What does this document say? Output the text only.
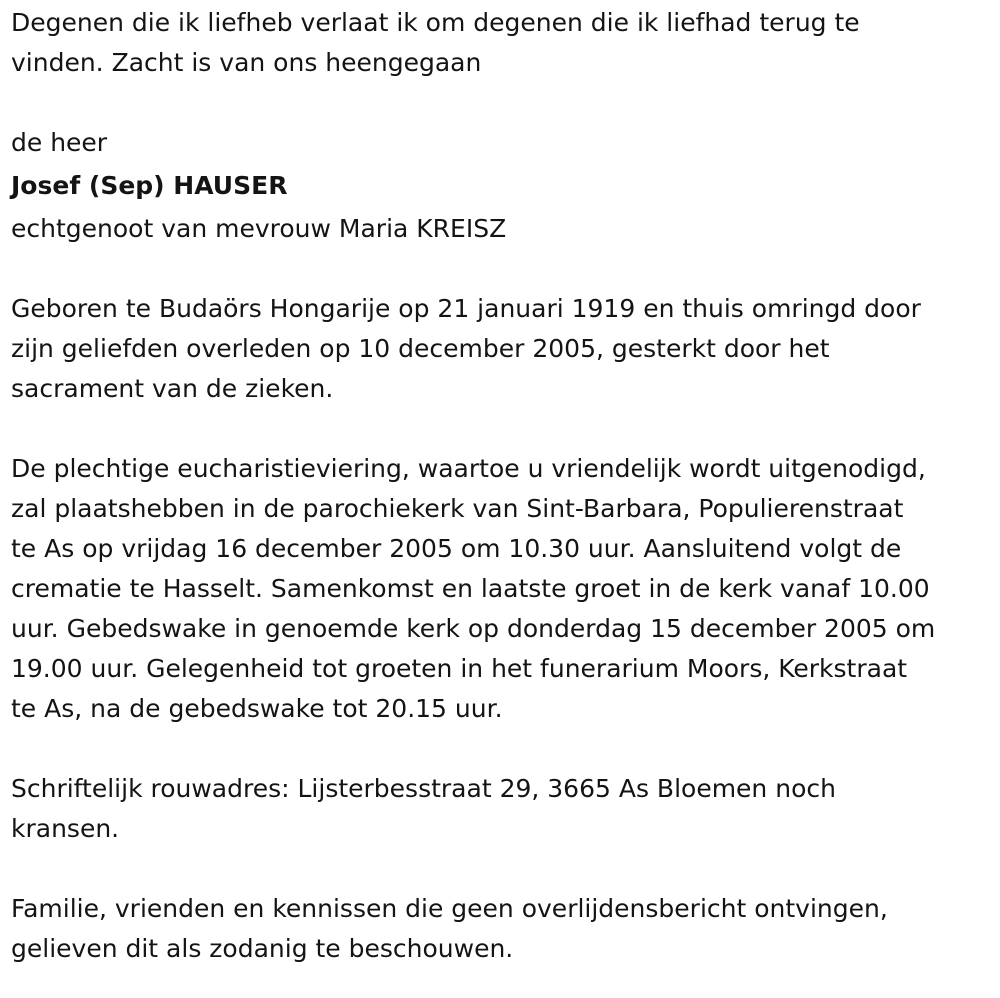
Degenen die ik liefheb verlaat ik om degenen die ik liefhad terug te
vinden. Zacht is van ons heengegaan

de heer
Josef (Sep) HAUSER
echtgenoot van mevrouw Maria KREISZ

Geboren te Budaörs Hongarije op 21 januari 1919 en thuis omringd door
zijn geliefden overleden op 10 december 2005, gesterkt door het
sacrament van de zieken.

De plechtige eucharistieviering, waartoe u vriendelijk wordt uitgenodigd,
zal plaatshebben in de parochiekerk van Sint-Barbara, Populierenstraat
te As op vrijdag 16 december 2005 om 10.30 uur. Aansluitend volgt de
crematie te Hasselt. Samenkomst en laatste groet in de kerk vanaf 10.00
uur. Gebedswake in genoemde kerk op donderdag 15 december 2005 om
19.00 uur. Gelegenheid tot groeten in het funerarium Moors, Kerkstraat
te As, na de gebedswake tot 20.15 uur.

Schriftelijk rouwadres: Lijsterbesstraat 29, 3665 As Bloemen noch
kransen.

Familie, vrienden en kennissen die geen overlijdensbericht ontvingen,
gelieven dit als zodanig te beschouwen.
